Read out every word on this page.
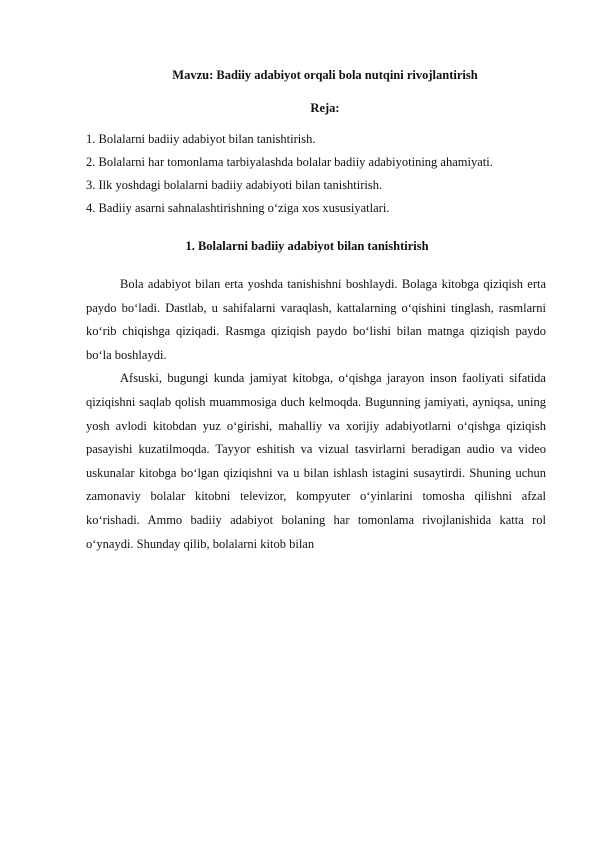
Mavzu: Badiiy adabiyot orqali bola nutqini rivojlantirish
Reja:
1. Bolalarni badiiy adabiyot bilan tanishtirish.
2. Bolalarni har tomonlama tarbiyalashda bolalar badiiy adabiyotining ahamiyati.
3. Ilk yoshdagi bolalarni badiiy adabiyoti bilan tanishtirish.
4. Badiiy asarni sahnalashtirishning o‘ziga xos xususiyatlari.
1. Bolalarni badiiy adabiyot bilan tanishtirish

Bola adabiyot bilan erta yoshda tanishishni boshlaydi. Bolaga kitobga qiziqish erta paydo bo‘ladi. Dastlab, u sahifalarni varaqlash, kattalarning o‘qishini tinglash, rasmlarni ko‘rib chiqishga qiziqadi. Rasmga qiziqish paydo bo‘lishi bilan matnga qiziqish paydo bo‘la boshlaydi.

Afsuski, bugungi kunda jamiyat kitobga, o‘qishga jarayon inson faoliyati sifatida qiziqishni saqlab qolish muammosiga duch kelmoqda. Bugunning jamiyati, ayniqsa, uning yosh avlodi kitobdan yuz o‘girishi, mahalliy va xorijiy adabiyotlarni o‘qishga qiziqish pasayishi kuzatilmoqda. Tayyor eshitish va vizual tasvirlarni beradigan audio va video uskunalar kitobga bo‘lgan qiziqishni va u bilan ishlash istagini susaytirdi. Shuning uchun zamonaviy bolalar kitobni televizor, kompyuter o‘yinlarini tomosha qilishni afzal ko‘rishadi. Ammo badiiy adabiyot bolaning har tomonlama rivojlanishida katta rol o‘ynaydi. Shunday qilib, bolalarni kitob bilan
